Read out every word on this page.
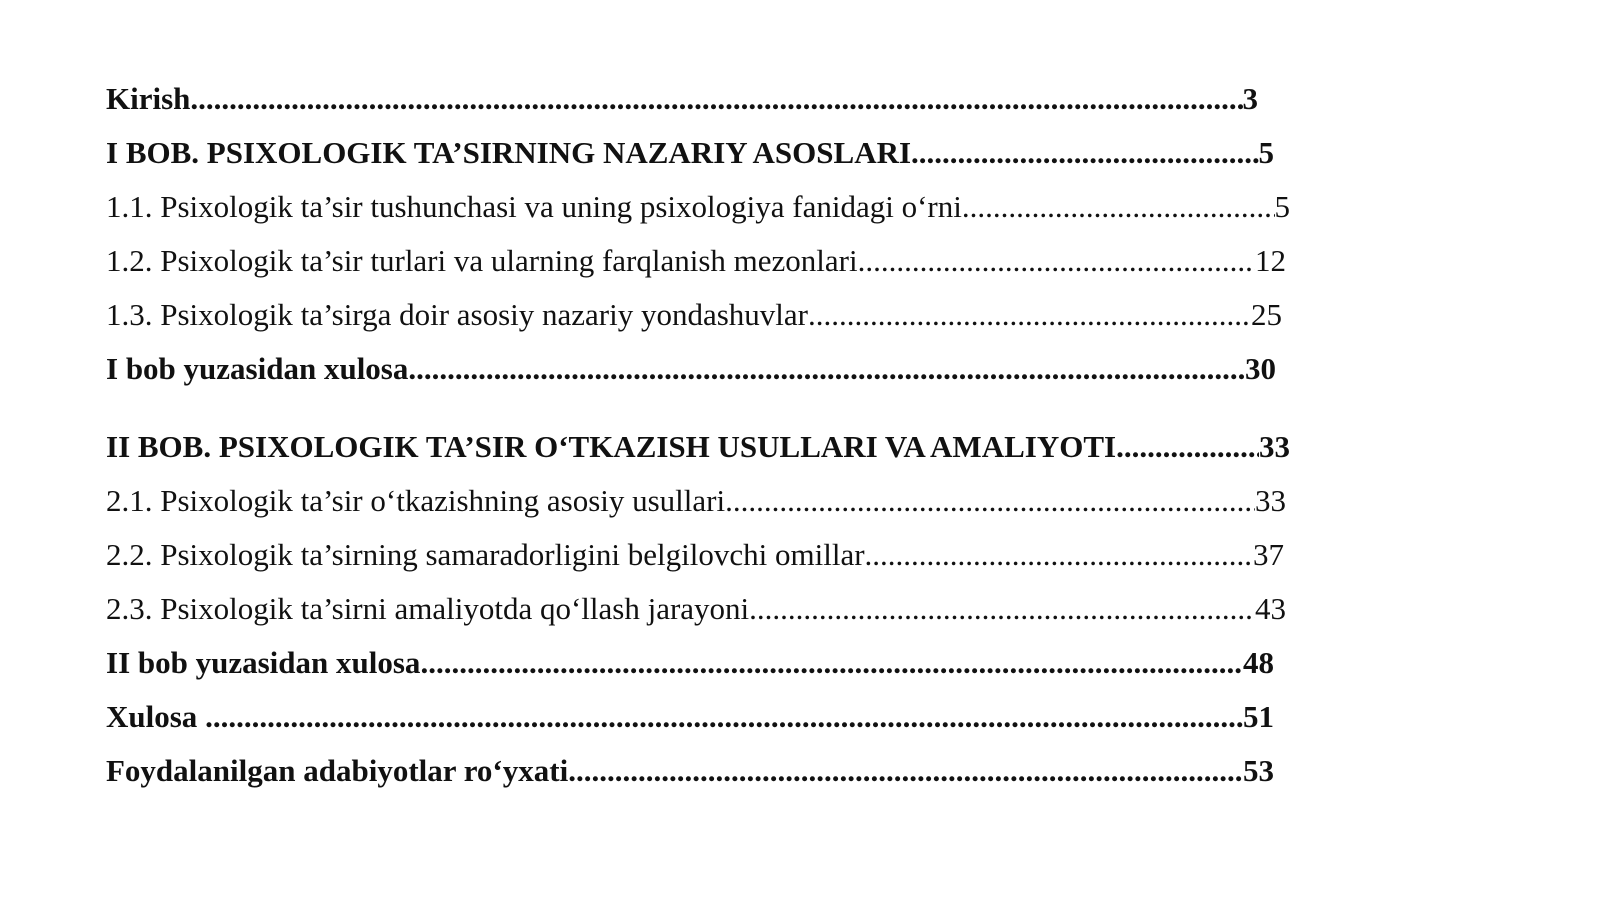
Kirish .....	3
I BOB. PSIXOLOGIK TA’SIRNING NAZARIY ASOSLARI .....	5
1.1. Psixologik ta’sir tushunchasi va uning psixologiya fanidagi o‘rni .....	5
1.2. Psixologik ta’sir turlari va ularning farqlanish mezonlari .....	12
1.3. Psixologik ta’sirga doir asosiy nazariy yondashuvlar .....	25
I bob yuzasidan xulosa .....	30
II BOB. PSIXOLOGIK TA’SIR O‘TKAZISH USULLARI VA AMALIYOTI .....	33
2.1. Psixologik ta’sir o‘tkazishning asosiy usullari .....	33
2.2. Psixologik ta’sirning samaradorligini belgilovchi omillar .....	37
2.3. Psixologik ta’sirni amaliyotda qo‘llash jarayoni .....	43
II bob yuzasidan xulosa .....	48
Xulosa .....	51
Foydalanilgan adabiyotlar ro‘yxati .....	53
